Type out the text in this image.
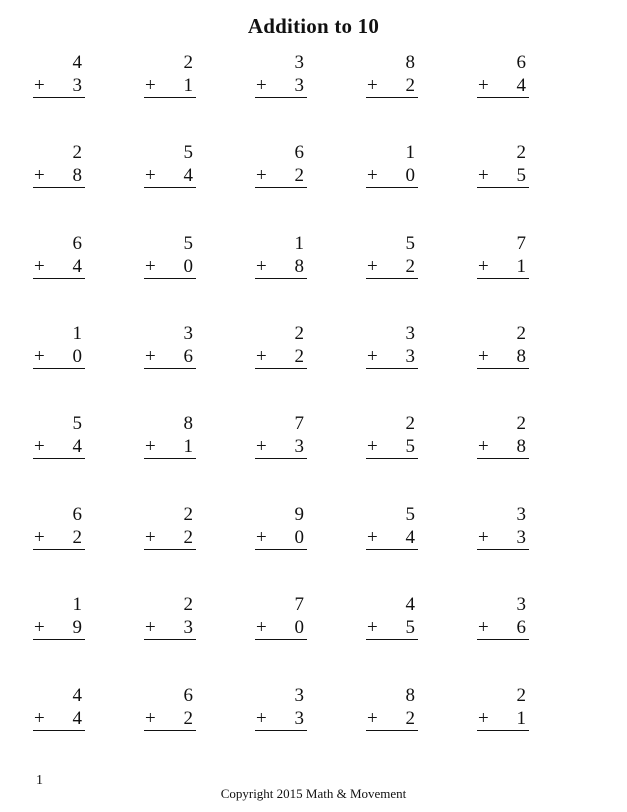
Addition to 10
4
+ 3
2
+ 1
3
+ 3
8
+ 2
6
+ 4
2
+ 8
5
+ 4
6
+ 2
1
+ 0
2
+ 5
6
+ 4
5
+ 0
1
+ 8
5
+ 2
7
+ 1
1
+ 0
3
+ 6
2
+ 2
3
+ 3
2
+ 8
5
+ 4
8
+ 1
7
+ 3
2
+ 5
2
+ 8
6
+ 2
2
+ 2
9
+ 0
5
+ 4
3
+ 3
1
+ 9
2
+ 3
7
+ 0
4
+ 5
3
+ 6
4
+ 4
6
+ 2
3
+ 3
8
+ 2
2
+ 1
1
Copyright 2015 Math & Movement
